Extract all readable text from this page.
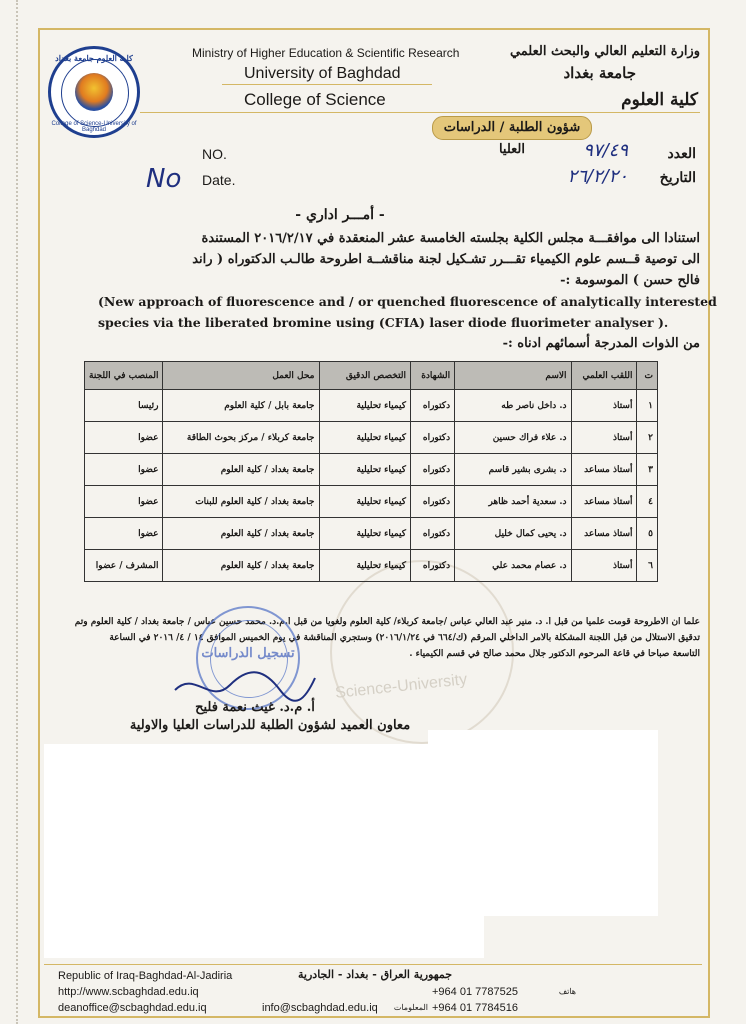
كلية العلوم جامعة بغداد
College of Science-University of Baghdad
Ministry of Higher Education & Scientific Research
University of Baghdad
College of Science
وزارة التعليم العالي والبحث العلمي
جامعة بغداد
كلية العلوم
شؤون الطلبة / الدراسات العليا
NO.
Date.
No
العدد
التاريخ
٩٧/٤٩
٢٦/٢/٢٠
- أمـــر اداري -
استنادا الى موافقـــة مجلس الكلية بجلسته الخامسة عشر المنعقدة في ٢٠١٦/٢/١٧ المستندة
الى توصية قــسم علوم الكيمياء تقـــرر تشـكيل لجنة مناقشــة اطروحة طالـب الدكتوراه ( راند
فالح حسن ) الموسومة :-
(New approach of fluorescence and / or quenched fluorescence of analytically interested
species via the liberated bromine using (CFIA) laser diode fluorimeter analyser ).
من الذوات المدرجة أسمائهم ادناه :-
Science-University
ت	اللقب العلمي	الاسم	الشهادة	التخصص الدقيق	محل العمل	المنصب في اللجنة
١	أستاذ	د. داخل ناصر طه	دكتوراه	كيمياء تحليلية	جامعة بابل / كلية العلوم	رئيسا
٢	أستاذ	د. علاء فراك حسين	دكتوراه	كيمياء تحليلية	جامعة كربلاء / مركز بحوث الطاقة	عضوا
٣	أستاذ مساعد	د. بشرى بشير قاسم	دكتوراه	كيمياء تحليلية	جامعة بغداد / كلية العلوم	عضوا
٤	أستاذ مساعد	د. سعدية أحمد ظاهر	دكتوراه	كيمياء تحليلية	جامعة بغداد / كلية العلوم للبنات	عضوا
٥	أستاذ مساعد	د. يحيى كمال خليل	دكتوراه	كيمياء تحليلية	جامعة بغداد / كلية العلوم	عضوا
٦	أستاذ	د. عصام محمد علي	دكتوراه	كيمياء تحليلية	جامعة بغداد / كلية العلوم	المشرف / عضوا
علما ان الاطروحة قومت علمياً من قبل أ. د. منير عبد العالي عباس /جامعة كربلاء/ كلية العلوم ولغويا من قبل أ.م.د. محمد حسين عباس / جامعة بغداد / كلية العلوم وتم
تدقيق الاستلال من قبل اللجنة المشكلة بالامر الداخلي المرقم (ك/٦٦٤ في ٢٠١٦/١/٢٤) وستجري المناقشة في يوم الخميس الموافق ١٤ / ٤/ ٢٠١٦ في الساعة
التاسعة صباحا في قاعة المرحوم الدكتور جلال محمد صالح في قسم الكيمياء .
تسجيل الدراسات
أ. م.د. غيث نعمة فليح
معاون العميد لشؤون الطلبة للدراسات العليا والاولية
Republic of Iraq-Baghdad-Al-Jadiria
http://www.scbaghdad.edu.iq
deanoffice@scbaghdad.edu.iq
جمهورية العراق - بغداد - الجادرية
info@scbaghdad.edu.iq	المعلومات
+964 01 7787525	هاتف
+964 01 7784516
